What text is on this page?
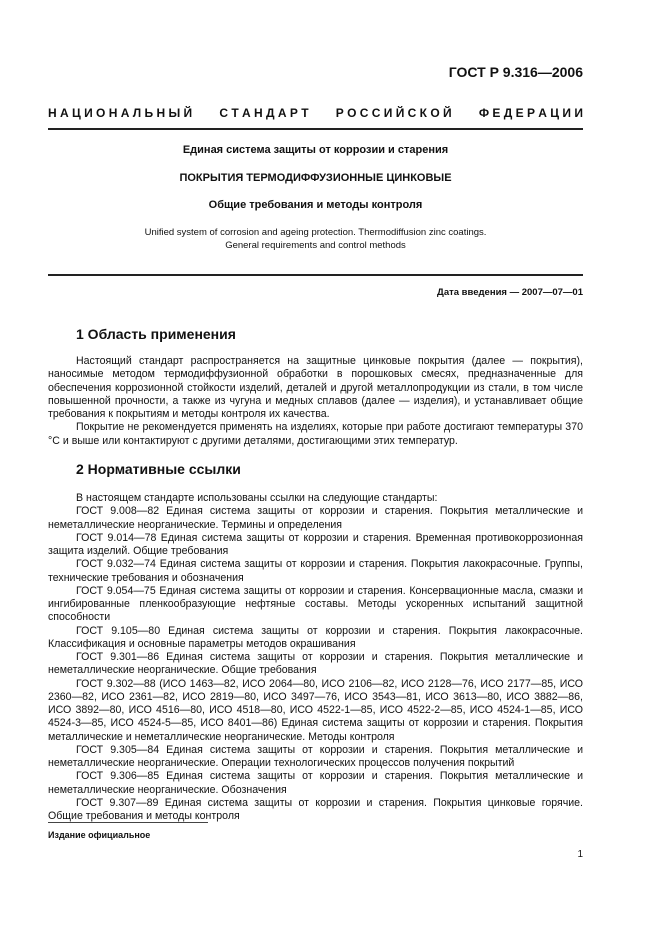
ГОСТ Р 9.316—2006
Н А Ц И О Н А Л Ь Н Ы Й С Т А Н Д А Р Т Р О С С И Й С К О Й Ф Е Д Е Р А Ц И И
Единая система защиты от коррозии и старения
ПОКРЫТИЯ ТЕРМОДИФФУЗИОННЫЕ ЦИНКОВЫЕ
Общие требования и методы контроля
Unified system of corrosion and ageing protection. Thermodiffusion zinc coatings.
General requirements and control methods
Дата введения — 2007—07—01
1 Область применения

Настоящий стандарт распространяется на защитные цинковые покрытия (далее — покрытия), наносимые методом термодиффузионной обработки в порошковых смесях, предназначенные для обеспечения коррозионной стойкости изделий, деталей и другой металлопродукции из стали, в том числе повышенной прочности, а также из чугуна и медных сплавов (далее — изделия), и устанавливает общие требования к покрытиям и методы контроля их качества.

Покрытие не рекомендуется применять на изделиях, которые при работе достигают температуры 370 °С и выше или контактируют с другими деталями, достигающими этих температур.

2 Нормативные ссылки

В настоящем стандарте использованы ссылки на следующие стандарты:

ГОСТ 9.008—82 Единая система защиты от коррозии и старения. Покрытия металлические и неметаллические неорганические. Термины и определения

ГОСТ 9.014—78 Единая система защиты от коррозии и старения. Временная противокоррозионная защита изделий. Общие требования

ГОСТ 9.032—74 Единая система защиты от коррозии и старения. Покрытия лакокрасочные. Группы, технические требования и обозначения

ГОСТ 9.054—75 Единая система защиты от коррозии и старения. Консервационные масла, смазки и ингибированные пленкообразующие нефтяные составы. Методы ускоренных испытаний защитной способности

ГОСТ 9.105—80 Единая система защиты от коррозии и старения. Покрытия лакокрасочные. Классификация и основные параметры методов окрашивания

ГОСТ 9.301—86 Единая система защиты от коррозии и старения. Покрытия металлические и неметаллические неорганические. Общие требования

ГОСТ 9.302—88 (ИСО 1463—82, ИСО 2064—80, ИСО 2106—82, ИСО 2128—76, ИСО 2177—85, ИСО 2360—82, ИСО 2361—82, ИСО 2819—80, ИСО 3497—76, ИСО 3543—81, ИСО 3613—80, ИСО 3882—86, ИСО 3892—80, ИСО 4516—80, ИСО 4518—80, ИСО 4522-1—85, ИСО 4522-2—85, ИСО 4524-1—85, ИСО 4524-3—85, ИСО 4524-5—85, ИСО 8401—86) Единая система защиты от коррозии и старения. Покрытия металлические и неметаллические неорганические. Методы контроля

ГОСТ 9.305—84 Единая система защиты от коррозии и старения. Покрытия металлические и неметаллические неорганические. Операции технологических процессов получения покрытий

ГОСТ 9.306—85 Единая система защиты от коррозии и старения. Покрытия металлические и неметаллические неорганические. Обозначения

ГОСТ 9.307—89 Единая система защиты от коррозии и старения. Покрытия цинковые горячие. Общие требования и методы контроля

Издание официальное
1
